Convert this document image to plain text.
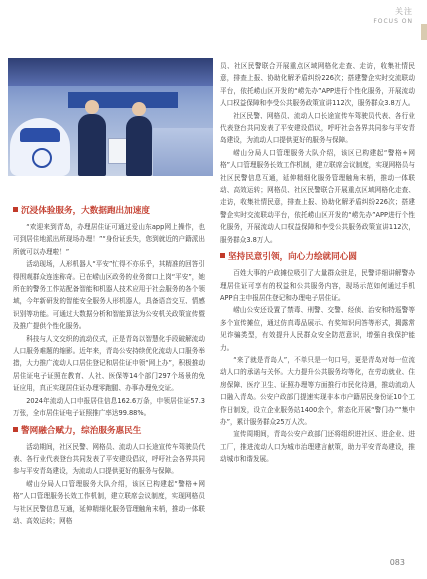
关注
FOCUS ON
沉浸体验服务，大数据跑出加速度

“欢迎来到青岛，办理居住证可通过爱山东app网上操作，也可到居住地派出所现场办理！”“身份证丢失，您到就近的户籍派出所就可以办理啦！”

活动现场，人形机器人“平安”忙得不亦乐乎，其精准的回答引得围观群众连连称奇。已在崂山区政务的业务窗口上岗“平安”，她所在的警务工作站配备智能和机器人技术应用于社会服务的各个领域，今年新研发的智能安全服务人形机器人，具备语音交互、情感识别等功能。可通过大数据分析和智能算法为公安机关政策宣传暨及推广提供个性化服务。

科技与人文交织的流动仪式，正是青岛以智慧化手段破解流动人口服务难题的缩影。近年来，青岛公安持续优化流动人口服务举措，大力推广流动人口居住登记和居住证申领“网上办”，积极推动居住证电子证照在教育、人社、医保等14个部门297个场景的免证应用，真正实现居住证办理零跑腿、办事办理免交证。

2024年流动人口申报居住信息162.6万条，申领居住证57.3万张，全市居住证电子证照推广率达99.88%。

警网融合赋力，综治服务惠民生

活动期间，社区民警、网格员、流动人口长途宣传车驾驶员代表、各行业代表登台共同发表了平安建设倡议，呼吁社会各界共同参与平安青岛建设，为流动人口提供更好的服务与保障。

崂山分局人口管理服务大队介绍，该区已构建起“警格+网格”人口管理服务长效工作机制，建立联席会议制度，实现网格员与社区民警信息互通，延伸精细化服务管理触角末梢，推动一体联动、高效运转；网格

员、社区民警联合开展重点区域网格化走查、走访，收集社情民意，排查上报、协助化解矛盾纠纷226次；搭建警企实时交流联动平台，依托崂山区开发的“崂先办”APP进行个性化服务，开展流动人口权益保障和李受公共服务政策宣讲112次，服务群众3.8万人。

社区民警、网格员、流动人口长途宣传车驾驶员代表、各行业代表登台共同发表了平安建设倡议，呼吁社会各界共同参与平安青岛建设，为流动人口提供更好的服务与保障。

崂山分局人口管理服务大队介绍，该区已构建起“警格+网格”人口管理服务长效工作机制，建立联席会议制度，实现网格员与社区民警信息互通，延伸精细化服务管理触角末梢，推动一体联动、高效运转；网格员、社区民警联合开展重点区域网格化走查、走访，收集社情民意，排查上报、协助化解矛盾纠纷226次；搭建警企实时交流联动平台，依托崂山区开发的“崂先办”APP进行个性化服务，开展流动人口权益保障和李受公共服务政策宣讲112次，服务群众3.8万人。

坚持民意引领，向心力绘就同心圆

百姓大事的户政摊位吸引了大量群众驻足，民警详细讲解警办理居住证可享有的权益和公共服务内容，现场示范如何通过手机APP自主申报居住登记和办理电子居住证。

崂山公安还设置了禁毒、刑警、交警、经侦、治安和特巡警等多个宣传摊位，通过仿真毒品展示、有奖知识问答等形式，揭露常见诈骗类型，有效提升人民群众安全防范意识，增强自我保护能力。

“来了就是青岛人”，不单只是一句口号，更是青岛对每一位流动人口的承诺与关怀。大力提升公共服务均等化，在劳动就业、住房保障、医疗卫生、证照办理等方面推行市民化待遇，推动流动人口融入青岛。公安户政部门提速实现非本市户籍居民身份证10个工作日制发，设立企业服务站1400余个，常态化开展“警门办”“集中办”，累计服务群众25万人次。

宣传周期间，青岛公安户政部门还将组织进社区、进企业、进工厂，推进流动人口为城市治理建言献策，助力平安青岛建设，推动城市和谐发展。

083
